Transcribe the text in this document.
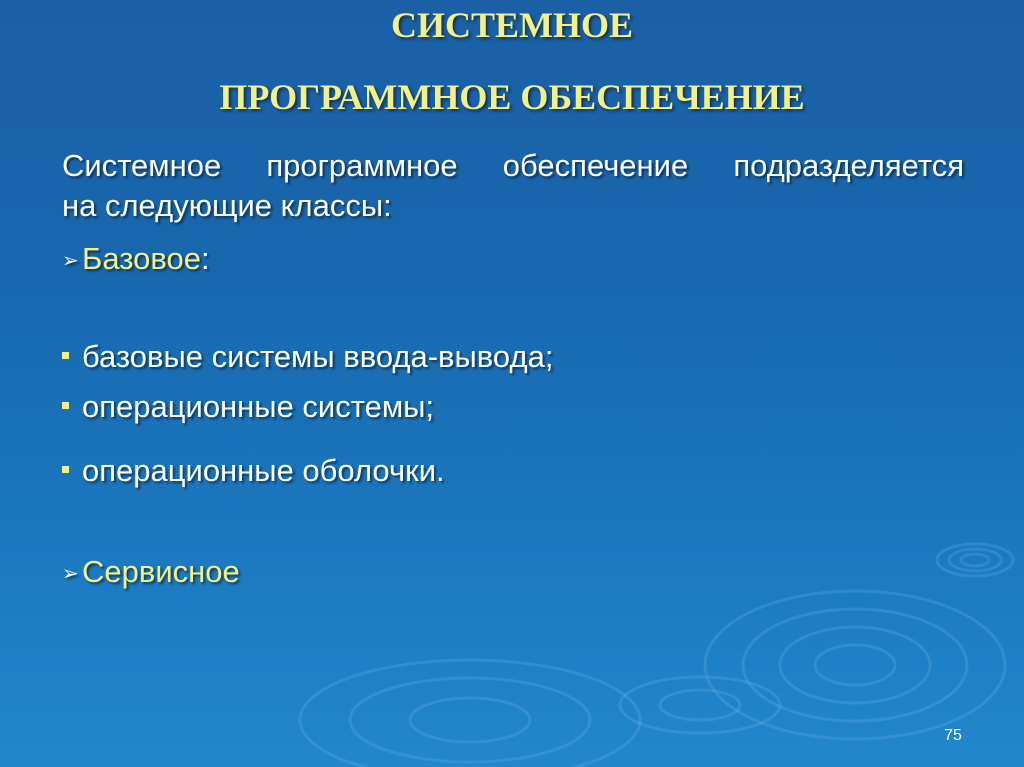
СИСТЕМНОЕ
ПРОГРАММНОЕ ОБЕСПЕЧЕНИЕ
Системное программное обеспечение подразделяется
на следующие классы:
➢ Базовое:
базовые системы ввода-вывода;
операционные системы;
операционные оболочки.
➢ Сервисное
75
